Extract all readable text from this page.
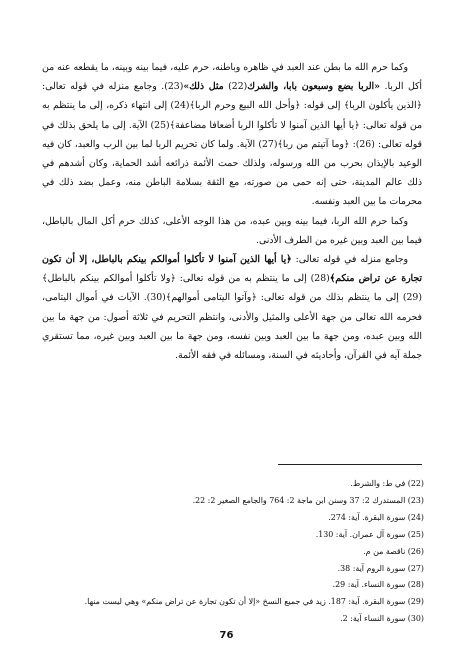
وكما حرم الله ما بطن عند العبد في ظاهره وباطنه، حرم عليه، فيما بينه وبينه، ما يقطعه عنه من أكل الربا. «الربا بضع وسبعون بابا، والشرك(22) مثل ذلك»(23). وجامع منزله في قوله تعالى: ﴿الذين يأكلون الربا﴾ إلى قوله: ﴿وأحل الله البيع وحرم الربا﴾(24) إلى انتهاء ذكره، إلى ما ينتظم به من قوله تعالى: ﴿يا أيها الذين آمنوا لا تأكلوا الربا أضعافا مضاعفة﴾(25) الآية. إلى ما يلحق بذلك في قوله تعالى: (26): ﴿وما آتيتم من ربا﴾(27) الآية. ولما كان تحريم الربا لما بين الرب والعبد، كان فيه الوعيد بالإيذان بحرب من الله ورسوله، ولذلك حمت الأئمة ذرائعه أشد الحماية، وكان أشدهم في ذلك عالم المدينة، حتى إنه حمى من صورته، مع الثقة بسلامة الباطن منه، وعمل بضد ذلك في محرمات ما بين العبد ونفسه.

وكما حرم الله الربا، فيما بينه وبين عبده، من هذا الوجه الأعلى، كذلك حرم أكل المال بالباطل، فيما بين العبد وبين غيره من الطرف الأدنى.

وجامع منزله في قوله تعالى: ﴿يا أيها الذين آمنوا لا تأكلوا أموالكم بينكم بالباطل، إلا أن تكون تجارة عن تراض منكم﴾(28) إلى ما ينتظم به من قوله تعالى: ﴿ولا تأكلوا أموالكم بينكم بالباطل﴾(29) إلى ما ينتظم بذلك من قوله تعالى: ﴿وآتوا اليتامى أموالهم﴾(30). الآيات في أموال اليتامى، فحرمه الله تعالى من جهة الأعلى والمثيل والأدنى، وانتظم التحريم في ثلاثة أصول: من جهة ما بين الله وبين عبده، ومن جهة ما بين العبد وبين نفسه، ومن جهة ما بين العبد وبين غيره، مما تستقري جملة آيه في القرآن، وأحاديثه في السنة، ومسائله في فقه الأئمة.

(22) في ط: والشرط.
(23) المستدرك 2: 37 وسنن ابن ماجة 2: 764 والجامع الصغير 2: 22.
(24) سورة البقرة. آية: 274.
(25) سورة آل عمران. آية: 130.
(26) ناقصة من م.
(27) سورة الروم آية: 38.
(28) سورة النساء. آية: 29.
(29) سورة البقرة. آية: 187. زيد في جميع النسخ «إلا أن تكون تجارة عن تراض منكم» وهي ليست منها.
(30) سورة النساء آية: 2.
76
